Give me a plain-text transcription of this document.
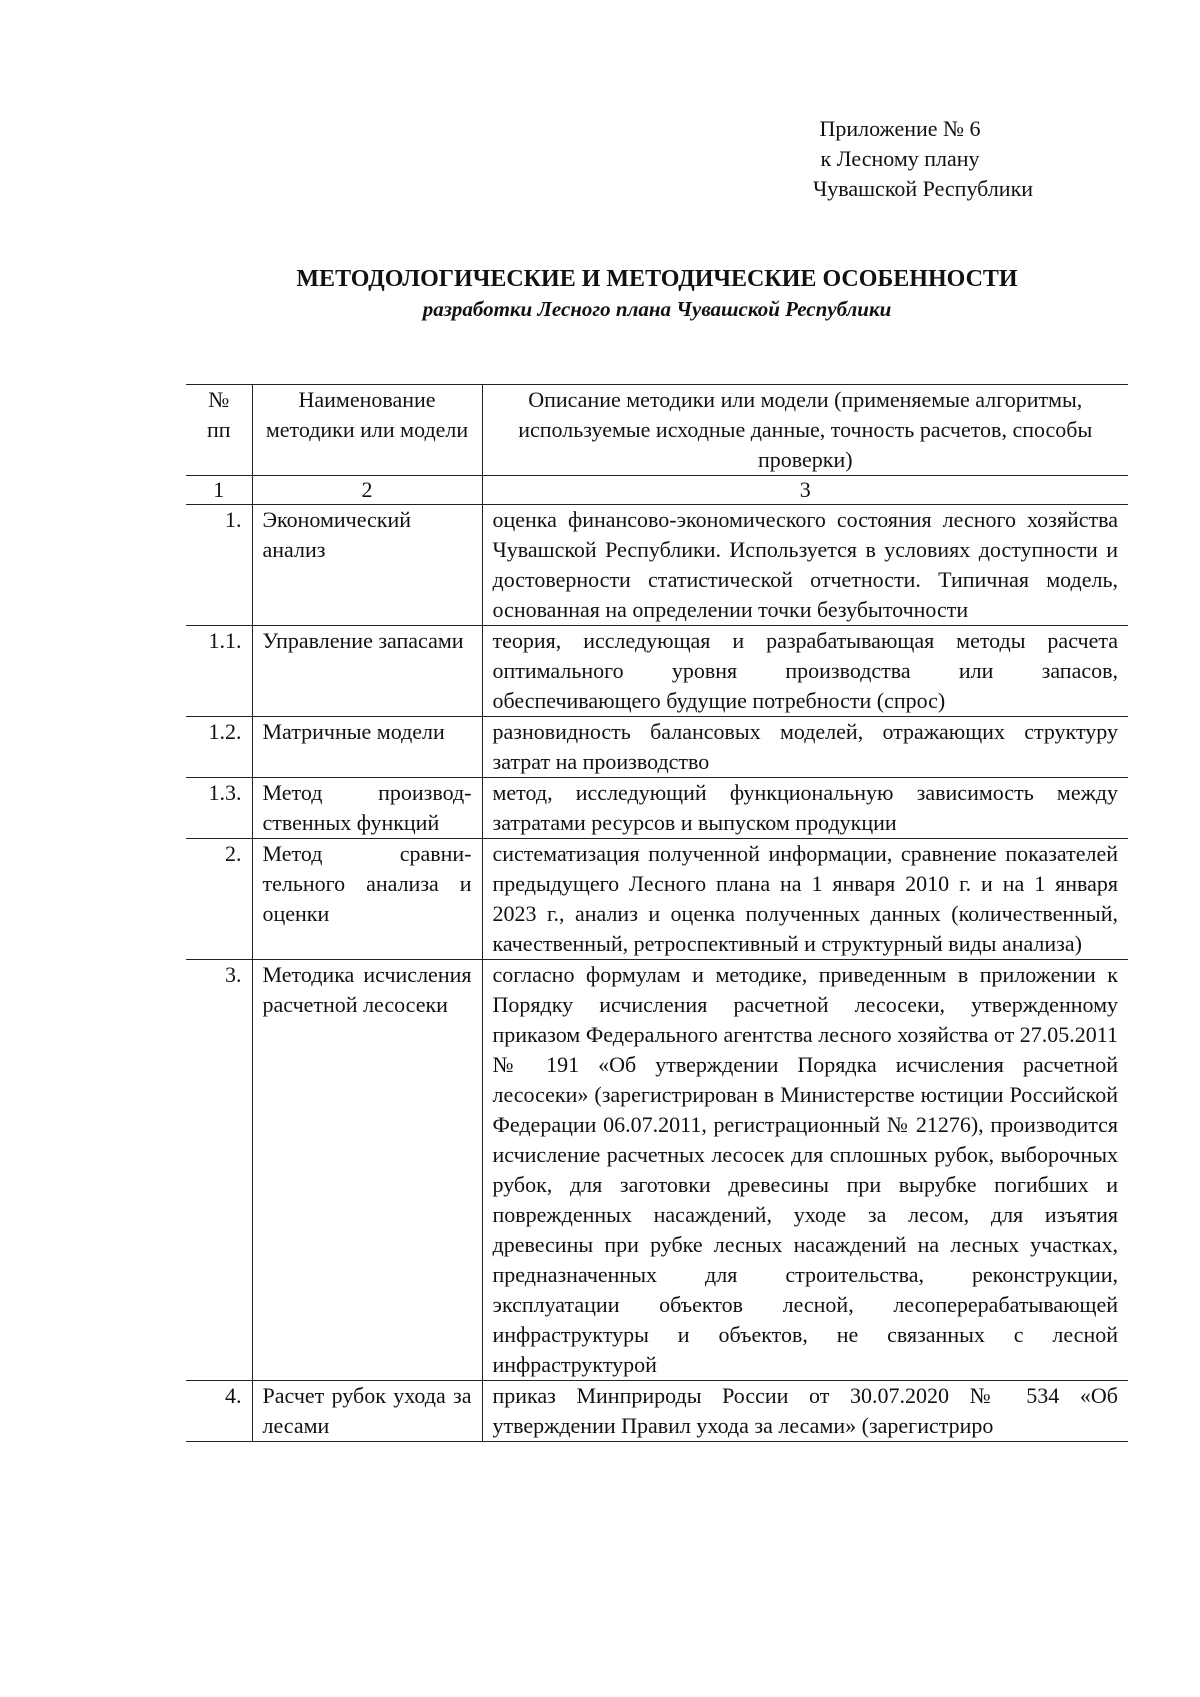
Приложение № 6
к Лесному плану
Чувашской Республики
МЕТОДОЛОГИЧЕСКИЕ И МЕТОДИЧЕСКИЕ ОСОБЕННОСТИ
разработки Лесного плана Чувашской Республики
№ пп	Наименование методики или модели	Описание методики или модели (применяемые алгоритмы, используемые исходные данные, точность расчетов, способы проверки)
1	2	3
1.	Экономический анализ	оценка финансово-экономического состояния лесного хозяйства Чувашской Республики. Используется в условиях доступности и достоверности статистической отчетности. Типичная модель, основанная на определении точки безубыточности
1.1.	Управление запасами	теория, исследующая и разрабатывающая методы расчета оптимального уровня производства или запасов, обеспечивающего будущие потребности (спрос)
1.2.	Матричные модели	разновидность балансовых моделей, отражающих структуру затрат на производство
1.3.	Метод производственных функций	метод, исследующий функциональную зависимость между затратами ресурсов и выпуском продукции
2.	Метод сравнительного анализа и оценки	систематизация полученной информации, сравнение показателей предыдущего Лесного плана на 1 января 2010 г. и на 1 января 2023 г., анализ и оценка полученных данных (количественный, качественный, ретроспективный и структурный виды анализа)
3.	Методика исчисления расчетной лесосеки	согласно формулам и методике, приведенным в приложении к Порядку исчисления расчетной лесосеки, утвержденному приказом Федерального агентства лесного хозяйства от 27.05.2011 № 191 «Об утверждении Порядка исчисления расчетной лесосеки» (зарегистрирован в Министерстве юстиции Российской Федерации 06.07.2011, регистрационный № 21276), производится исчисление расчетных лесосек для сплошных рубок, выборочных рубок, для заготовки древесины при вырубке погибших и поврежденных насаждений, уходе за лесом, для изъятия древесины при рубке лесных насаждений на лесных участках, предназначенных для строительства, реконструкции, эксплуатации объектов лесной, лесоперерабатывающей инфраструктуры и объектов, не связанных с лесной инфраструктурой
4.	Расчет рубок ухода за лесами	приказ Минприроды России от 30.07.2020 № 534 «Об утверждении Правил ухода за лесами» (зарегистриро
